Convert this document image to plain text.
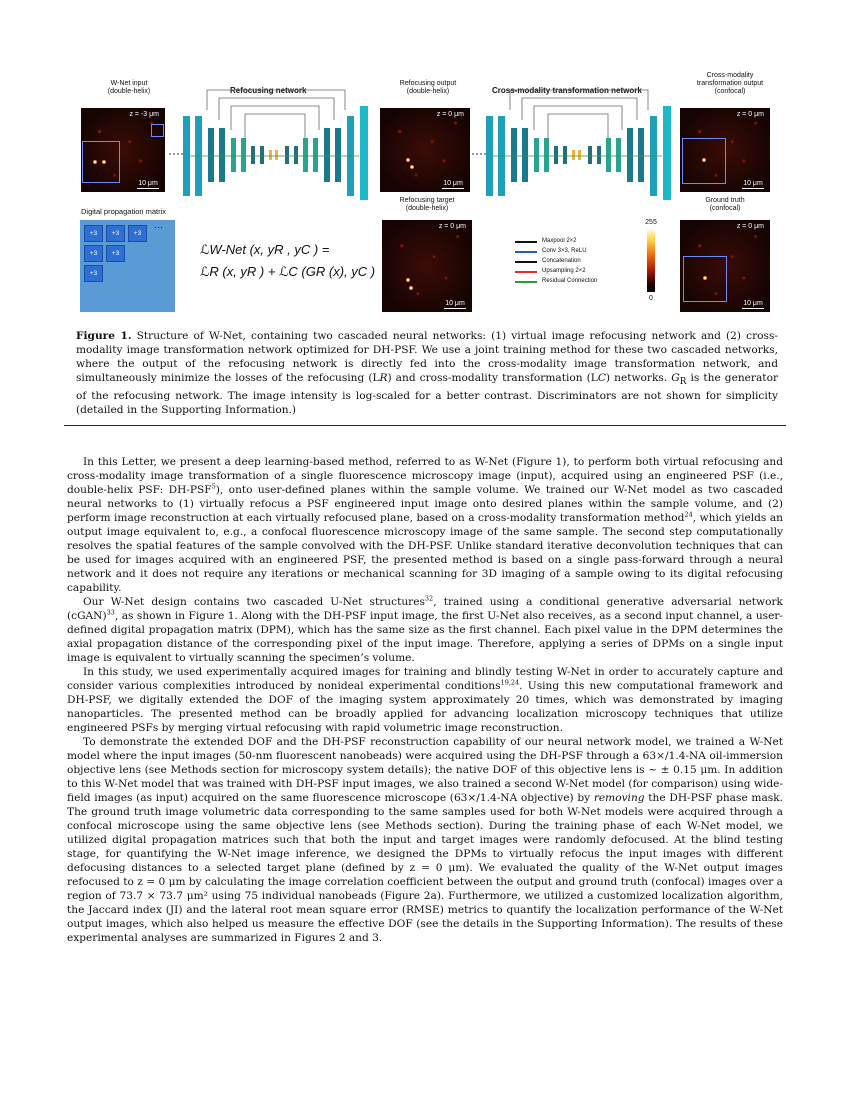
W-Net input
(double-helix)	Refocusing network
Refocusing output
(double-helix)	Cross-modality transformation network
Cross-modality
transformation output
(confocal)
z = -3 μm
10 μm
z = 0 μm
10 μm
z = 0 μm
10 μm
Digital propagation matrix
+3	+3	+3
+3	+3
+3
···
ℒW-Net (x, yR , yC ) =
ℒR (x, yR ) + ℒC (GR (x), yC )
Refocusing target
(double-helix)
z = 0 μm
10 μm
Maxpool 2×2
Conv 3×3, ReLU
Concatenation
Upsampling 2×2
Residual Connection
255
0
Ground truth
(confocal)
z = 0 μm
10 μm
Figure 1. Structure of W-Net, containing two cascaded neural networks: (1) virtual image refocusing network and (2) cross-modality image transformation network optimized for DH-PSF. We use a joint training method for these two cascaded networks, where the output of the refocusing network is directly fed into the cross-modality image transformation network, and simultaneously minimize the losses of the refocusing (LR) and cross-modality transformation (LC) networks. $G_R$ is the generator of the refocusing network. The image intensity is log-scaled for a better contrast. Discriminators are not shown for simplicity (detailed in the Supporting Information.)

In this Letter, we present a deep learning-based method, referred to as W-Net (Figure 1), to perform both virtual refocusing and cross-modality image transformation of a single fluorescence microscopy image (input), acquired using an engineered PSF (i.e., double-helix PSF: DH-PSF$^5$), onto user-defined planes within the sample volume. We trained our W-Net model as two cascaded neural networks to (1) virtually refocus a PSF engineered input image onto desired planes within the sample volume, and (2) perform image reconstruction at each virtually refocused plane, based on a cross-modality transformation method$^{24}$, which yields an output image equivalent to, e.g., a confocal fluorescence microscopy image of the same sample. The second step computationally resolves the spatial features of the sample convolved with the DH-PSF. Unlike standard iterative deconvolution techniques that can be used for images acquired with an engineered PSF, the presented method is based on a single pass-forward through a neural network and it does not require any iterations or mechanical scanning for 3D imaging of a sample owing to its digital refocusing capability.

Our W-Net design contains two cascaded U-Net structures$^{32}$, trained using a conditional generative adversarial network (cGAN)$^{33}$, as shown in Figure 1. Along with the DH-PSF input image, the first U-Net also receives, as a second input channel, a user-defined digital propagation matrix (DPM), which has the same size as the first channel. Each pixel value in the DPM determines the axial propagation distance of the corresponding pixel of the input image. Therefore, applying a series of DPMs on a single input image is equivalent to virtually scanning the specimen’s volume.

In this study, we used experimentally acquired images for training and blindly testing W-Net in order to accurately capture and consider various complexities introduced by nonideal experimental conditions$^{19,24}$. Using this new computational framework and DH-PSF, we digitally extended the DOF of the imaging system approximately 20 times, which was demonstrated by imaging nanoparticles. The presented method can be broadly applied for advancing localization microscopy techniques that utilize engineered PSFs by merging virtual refocusing with rapid volumetric image reconstruction.

To demonstrate the extended DOF and the DH-PSF reconstruction capability of our neural network model, we trained a W-Net model where the input images (50-nm fluorescent nanobeads) were acquired using the DH-PSF through a 63×/1.4-NA oil-immersion objective lens (see Methods section for microscopy system details); the native DOF of this objective lens is ~ ± 0.15 μm. In addition to this W-Net model that was trained with DH-PSF input images, we also trained a second W-Net model (for comparison) using wide-field images (as input) acquired on the same fluorescence microscope (63×/1.4-NA objective) by removing the DH-PSF phase mask. The ground truth image volumetric data corresponding to the same samples used for both W-Net models were acquired through a confocal microscope using the same objective lens (see Methods section). During the training phase of each W-Net model, we utilized digital propagation matrices such that both the input and target images were randomly defocused. At the blind testing stage, for quantifying the W-Net image inference, we designed the DPMs to virtually refocus the input images with different defocusing distances to a selected target plane (defined by z = 0 μm). We evaluated the quality of the W-Net output images refocused to z = 0 μm by calculating the image correlation coefficient between the output and ground truth (confocal) images over a region of 73.7 × 73.7 μm² using 75 individual nanobeads (Figure 2a). Furthermore, we utilized a customized localization algorithm, the Jaccard index (JI) and the lateral root mean square error (RMSE) metrics to quantify the localization performance of the W-Net output images, which also helped us measure the effective DOF (see the details in the Supporting Information). The results of these experimental analyses are summarized in Figures 2 and 3.
